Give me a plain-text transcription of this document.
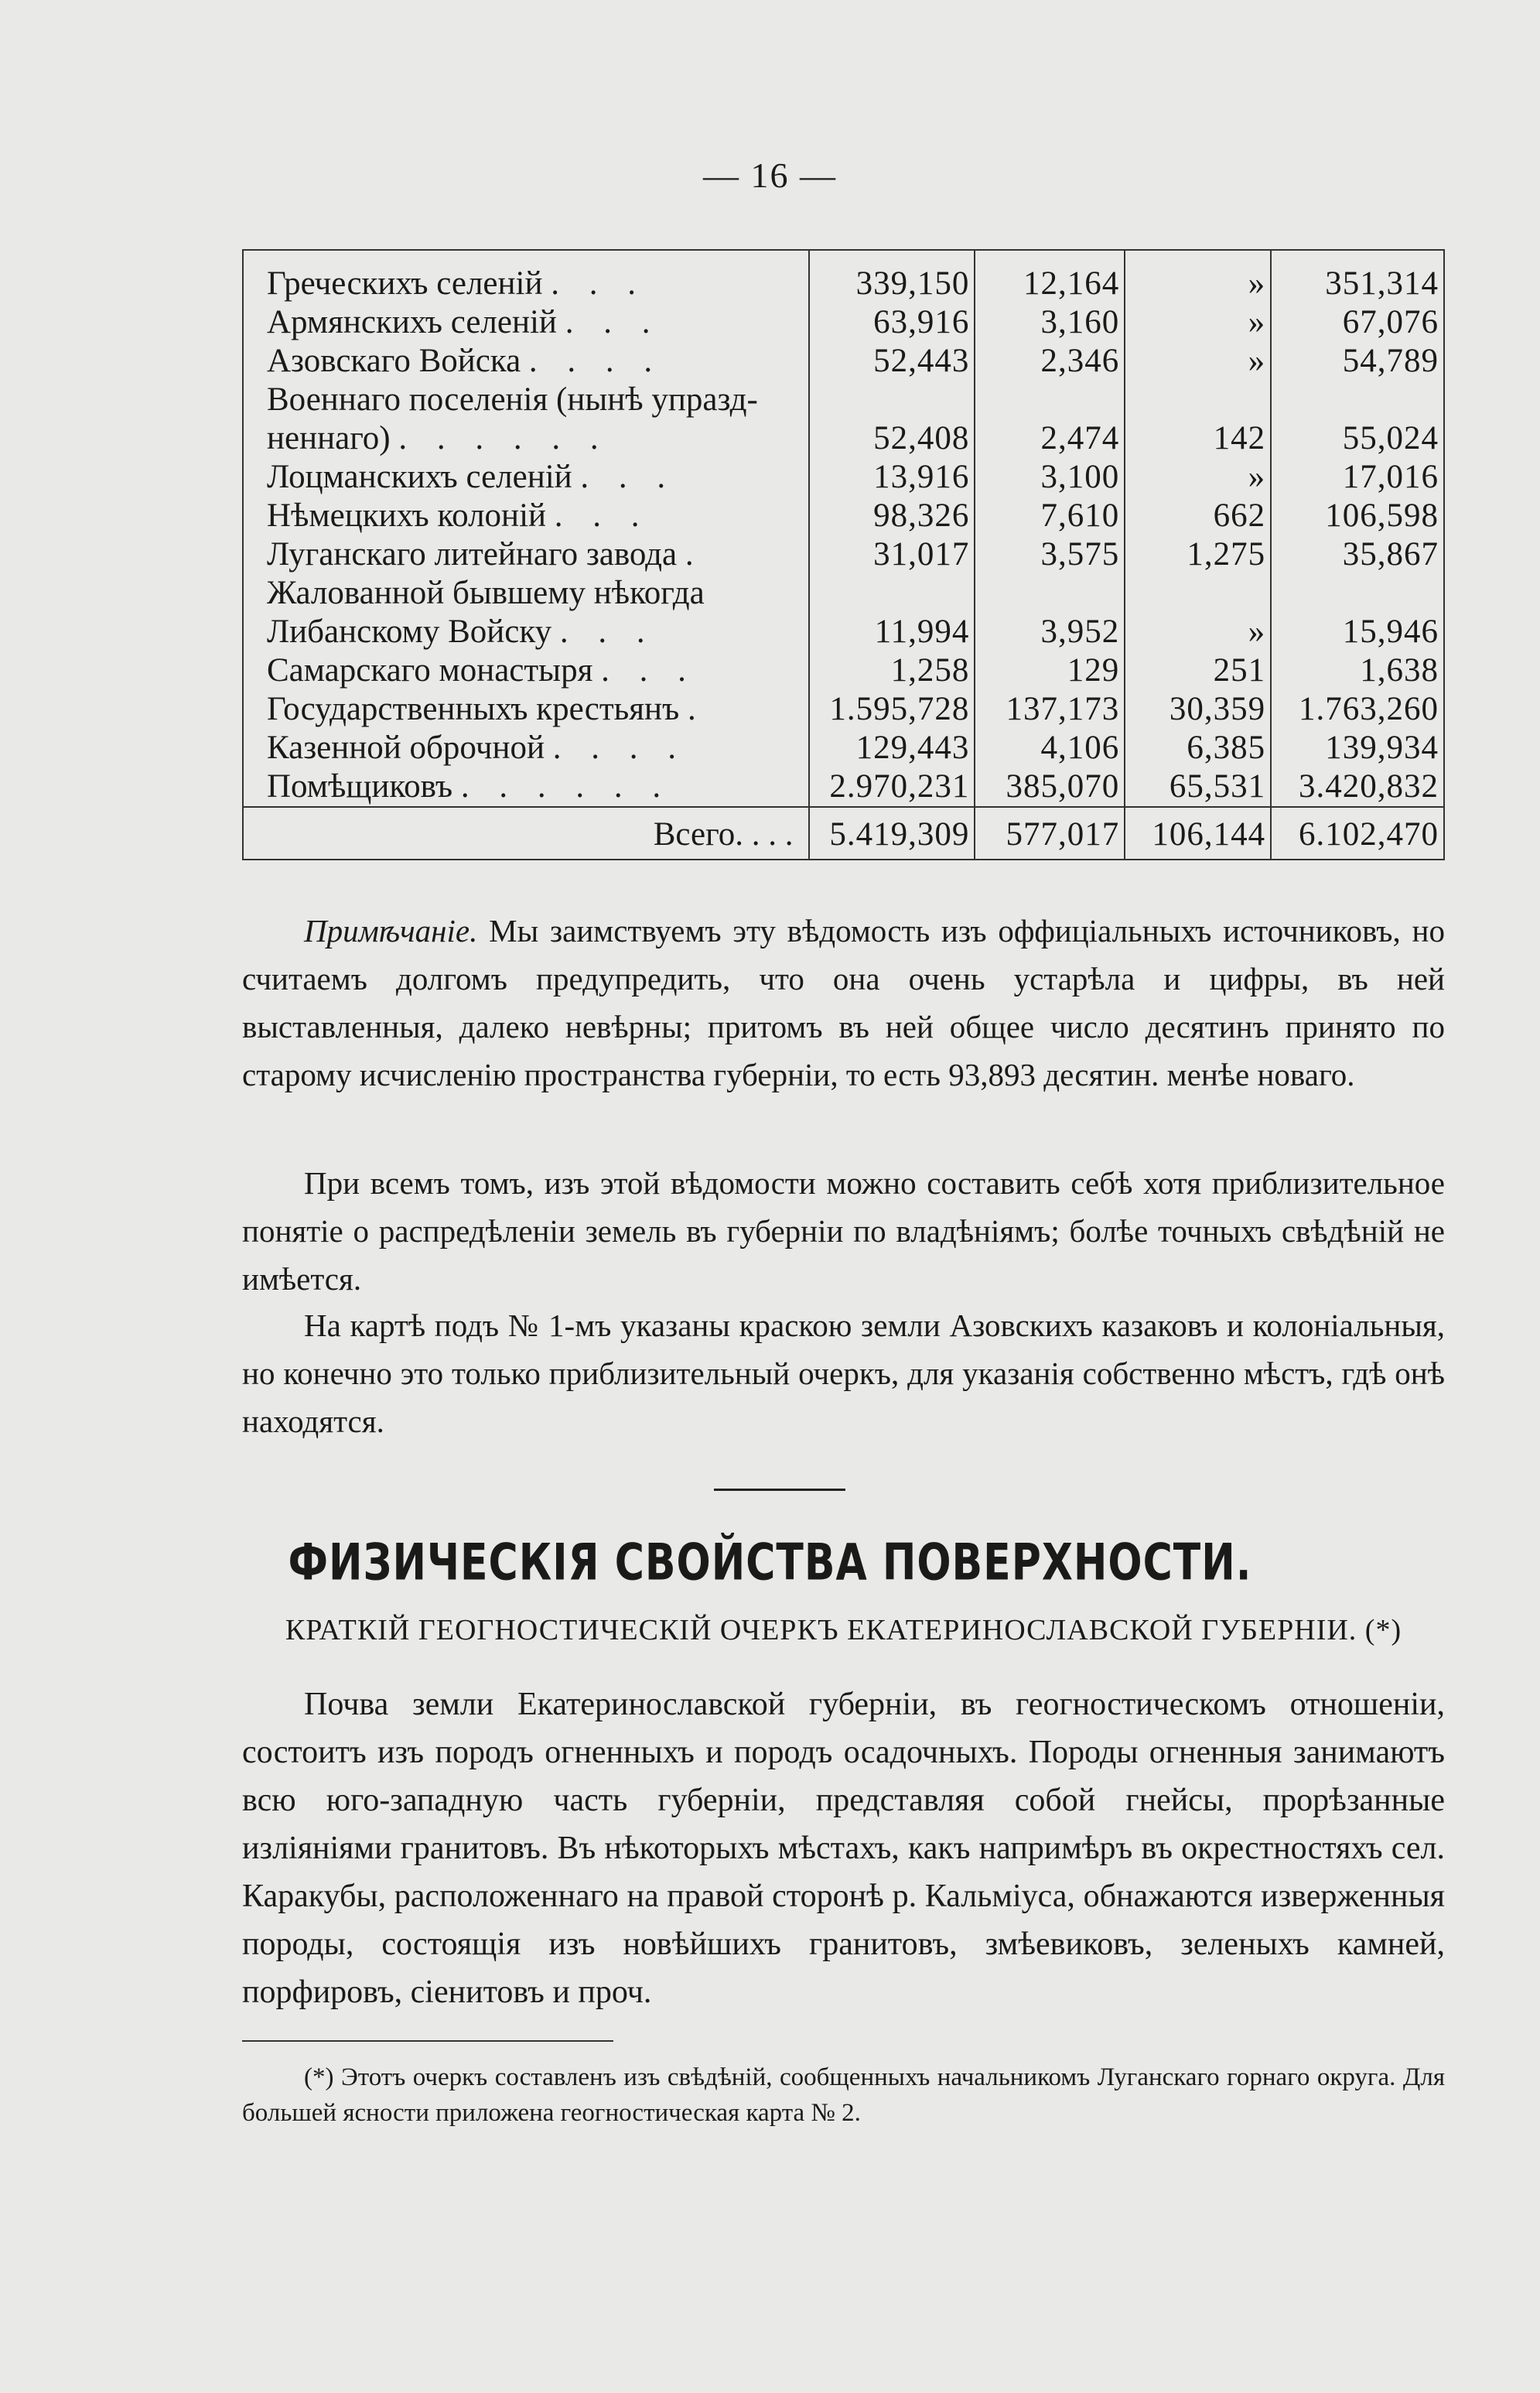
— 16 —
Греческихъ селеній . . .	339,150	12,164	»	351,314
Армянскихъ селеній . . .	63,916	3,160	»	67,076
Азовскаго Войска . . . .	52,443	2,346	»	54,789
Военнаго поселенія (нынѣ упразд-				
неннаго) . . . . . .	52,408	2,474	142	55,024
Лоцманскихъ селеній . . .	13,916	3,100	»	17,016
Нѣмецкихъ колоній . . .	98,326	7,610	662	106,598
Луганскаго литейнаго завода .	31,017	3,575	1,275	35,867
Жалованной бывшему нѣкогда				
Либанскому Войску . . .	11,994	3,952	»	15,946
Самарскаго монастыря . . .	1,258	129	251	1,638
Государственныхъ крестьянъ .	1.595,728	137,173	30,359	1.763,260
Казенной оброчной . . . .	129,443	4,106	6,385	139,934
Помѣщиковъ . . . . . .	2.970,231	385,070	65,531	3.420,832
Всего. . . .	5.419,309	577,017	106,144	6.102,470

Примѣчаніе. Мы заимствуемъ эту вѣдомость изъ оффиціальныхъ источниковъ, но считаемъ долгомъ предупредить, что она очень устарѣла и цифры, въ ней выставленныя, далеко невѣрны; притомъ въ ней общее число десятинъ принято по старому исчисленію пространства губерніи, то есть 93,893 десятин. менѣе новаго.

При всемъ томъ, изъ этой вѣдомости можно составить себѣ хотя приблизительное понятіе о распредѣленіи земель въ губерніи по владѣніямъ; болѣе точныхъ свѣдѣній не имѣется.

На картѣ подъ № 1-мъ указаны краскою земли Азовскихъ казаковъ и колоніальныя, но конечно это только приблизительный очеркъ, для указанія собственно мѣстъ, гдѣ онѣ находятся.

ФИЗИЧЕСКІЯ СВОЙСТВА ПОВЕРХНОСТИ.
КРАТКІЙ ГЕОГНОСТИЧЕСКІЙ ОЧЕРКЪ ЕКАТЕРИНОСЛАВСКОЙ ГУБЕРНІИ. (*)

Почва земли Екатеринославской губерніи, въ геогностическомъ отношеніи, состоитъ изъ породъ огненныхъ и породъ осадочныхъ. Породы огненныя занимаютъ всю юго-западную часть губерніи, представляя собой гнейсы, прорѣзанные изліяніями гранитовъ. Въ нѣкоторыхъ мѣстахъ, какъ напримѣръ въ окрестностяхъ сел. Каракубы, расположеннаго на правой сторонѣ р. Кальміуса, обнажаются изверженныя породы, состоящія изъ новѣйшихъ гранитовъ, змѣевиковъ, зеленыхъ камней, порфировъ, сіенитовъ и проч.

(*) Этотъ очеркъ составленъ изъ свѣдѣній, сообщенныхъ начальникомъ Луганскаго горнаго округа. Для большей ясности приложена геогностическая карта № 2.
